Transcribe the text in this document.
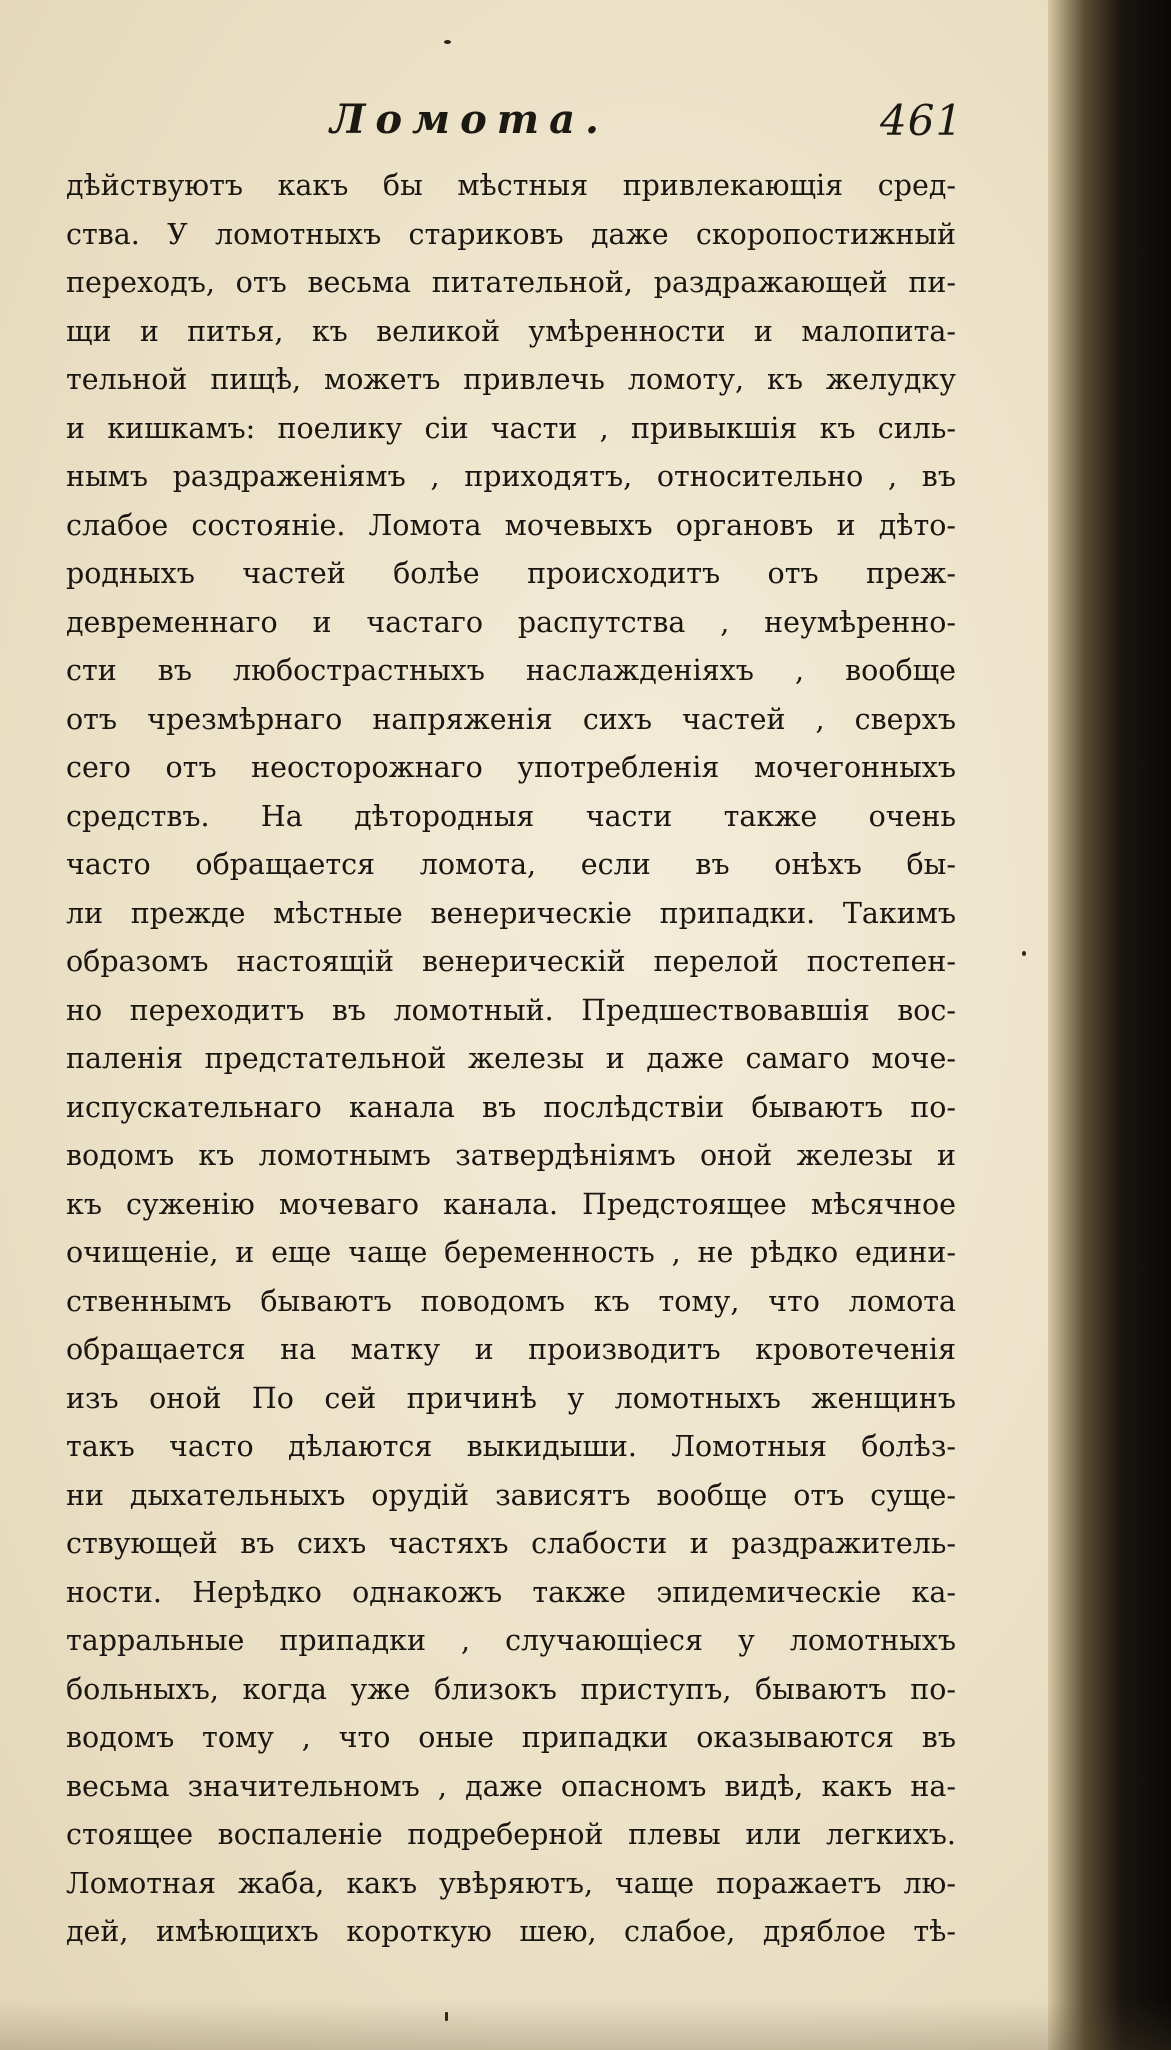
Ломота.	461
дѣйствуютъ какъ бы мѣстныя привлекающія сред-
ства. У ломотныхъ стариковъ даже скоропостижный
переходъ, отъ весьма питательной, раздражающей пи-
щи и питья, къ великой умѣренности и малопита-
тельной пищѣ, можетъ привлечь ломоту, къ желудку
и кишкамъ: поелику сіи части , привыкшія къ силь-
нымъ раздраженіямъ , приходятъ, относительно , въ
слабое состояніе. Ломота мочевыхъ органовъ и дѣто-
родныхъ частей болѣе происходитъ отъ преж-
девременнаго и частаго распутства , неумѣренно-
сти въ любострастныхъ наслажденіяхъ , вообще
отъ чрезмѣрнаго напряженія сихъ частей , сверхъ
сего отъ неосторожнаго употребленія мочегонныхъ
средствъ. На дѣтородныя части также очень
часто обращается ломота, если въ онѣхъ бы-
ли прежде мѣстные венерическіе припадки. Такимъ
образомъ настоящій венерическій перелой постепен-
но переходитъ въ ломотный. Предшествовавшія вос-
паленія предстательной железы и даже самаго моче-
испускательнаго канала въ послѣдствіи бываютъ по-
водомъ къ ломотнымъ затвердѣніямъ оной железы и
къ суженію мочеваго канала. Предстоящее мѣсячное
очищеніе, и еще чаще беременность , не рѣдко едини-
ственнымъ бываютъ поводомъ къ тому, что ломота
обращается на матку и производитъ кровотеченія
изъ оной По сей причинѣ у ломотныхъ женщинъ
такъ часто дѣлаются выкидыши. Ломотныя болѣз-
ни дыхательныхъ орудій зависятъ вообще отъ суще-
ствующей въ сихъ частяхъ слабости и раздражитель-
ности. Нерѣдко однакожъ также эпидемическіе ка-
тарральные припадки , случающіеся у ломотныхъ
больныхъ, когда уже близокъ приступъ, бываютъ по-
водомъ тому , что оные припадки оказываются въ
весьма значительномъ , даже опасномъ видѣ, какъ на-
стоящее воспаленіе подреберной плевы или легкихъ.
Ломотная жаба, какъ увѣряютъ, чаще поражаетъ лю-
дей, имѣющихъ короткую шею, слабое, дряблое тѣ-
